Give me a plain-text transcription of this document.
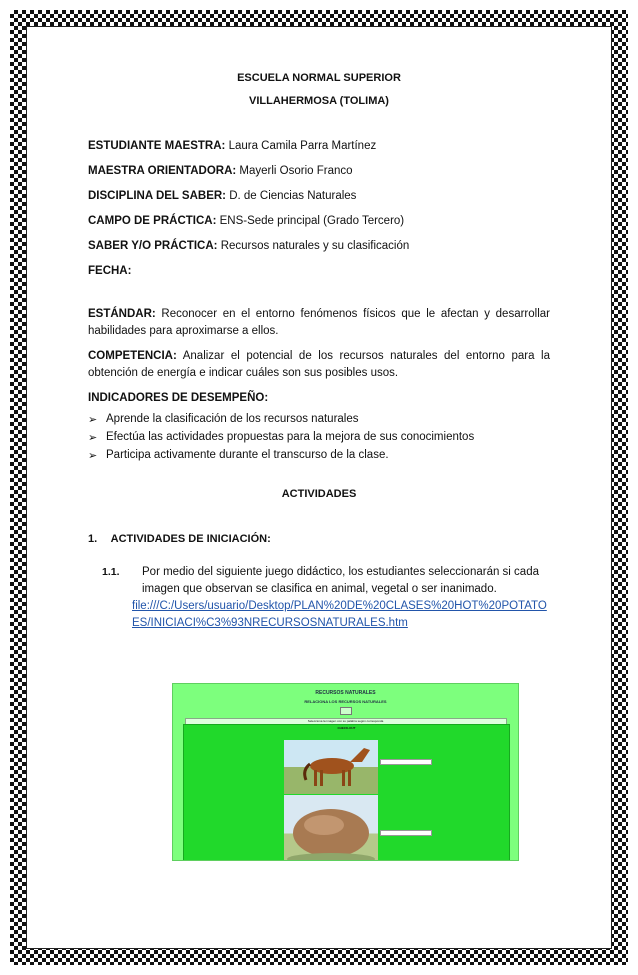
ESCUELA NORMAL SUPERIOR
VILLAHERMOSA (TOLIMA)
ESTUDIANTE MAESTRA: Laura Camila Parra Martínez
MAESTRA ORIENTADORA: Mayerli Osorio Franco
DISCIPLINA DEL SABER: D. de Ciencias Naturales
CAMPO DE PRÁCTICA: ENS-Sede principal (Grado Tercero)
SABER Y/O PRÁCTICA: Recursos naturales y su clasificación
FECHA:
ESTÁNDAR: Reconocer en el entorno fenómenos físicos que le afectan y desarrollar habilidades para aproximarse a ellos.
COMPETENCIA: Analizar el potencial de los recursos naturales del entorno para la obtención de energía e indicar cuáles son sus posibles usos.
INDICADORES DE DESEMPEÑO:
➢ Aprende la clasificación de los recursos naturales
➢ Efectúa las actividades propuestas para la mejora de sus conocimientos
➢ Participa activamente durante el transcurso de la clase.
ACTIVIDADES
1. ACTIVIDADES DE INICIACIÓN:
1.1. Por medio del siguiente juego didáctico, los estudiantes seleccionarán si cada
imagen que observan se clasifica en animal, vegetal o ser inanimado.
file:///C:/Users/usuario/Desktop/PLAN%20DE%20CLASES%20HOT%20POTATOES/INICIACI%C3%93NRECURSOSNATURALES.htm
RECURSOS NATURALES
RELACIONA LOS RECURSOS NATURALES
Selecciona la imagen con su palabra según corresponda
CHECK-OUT
